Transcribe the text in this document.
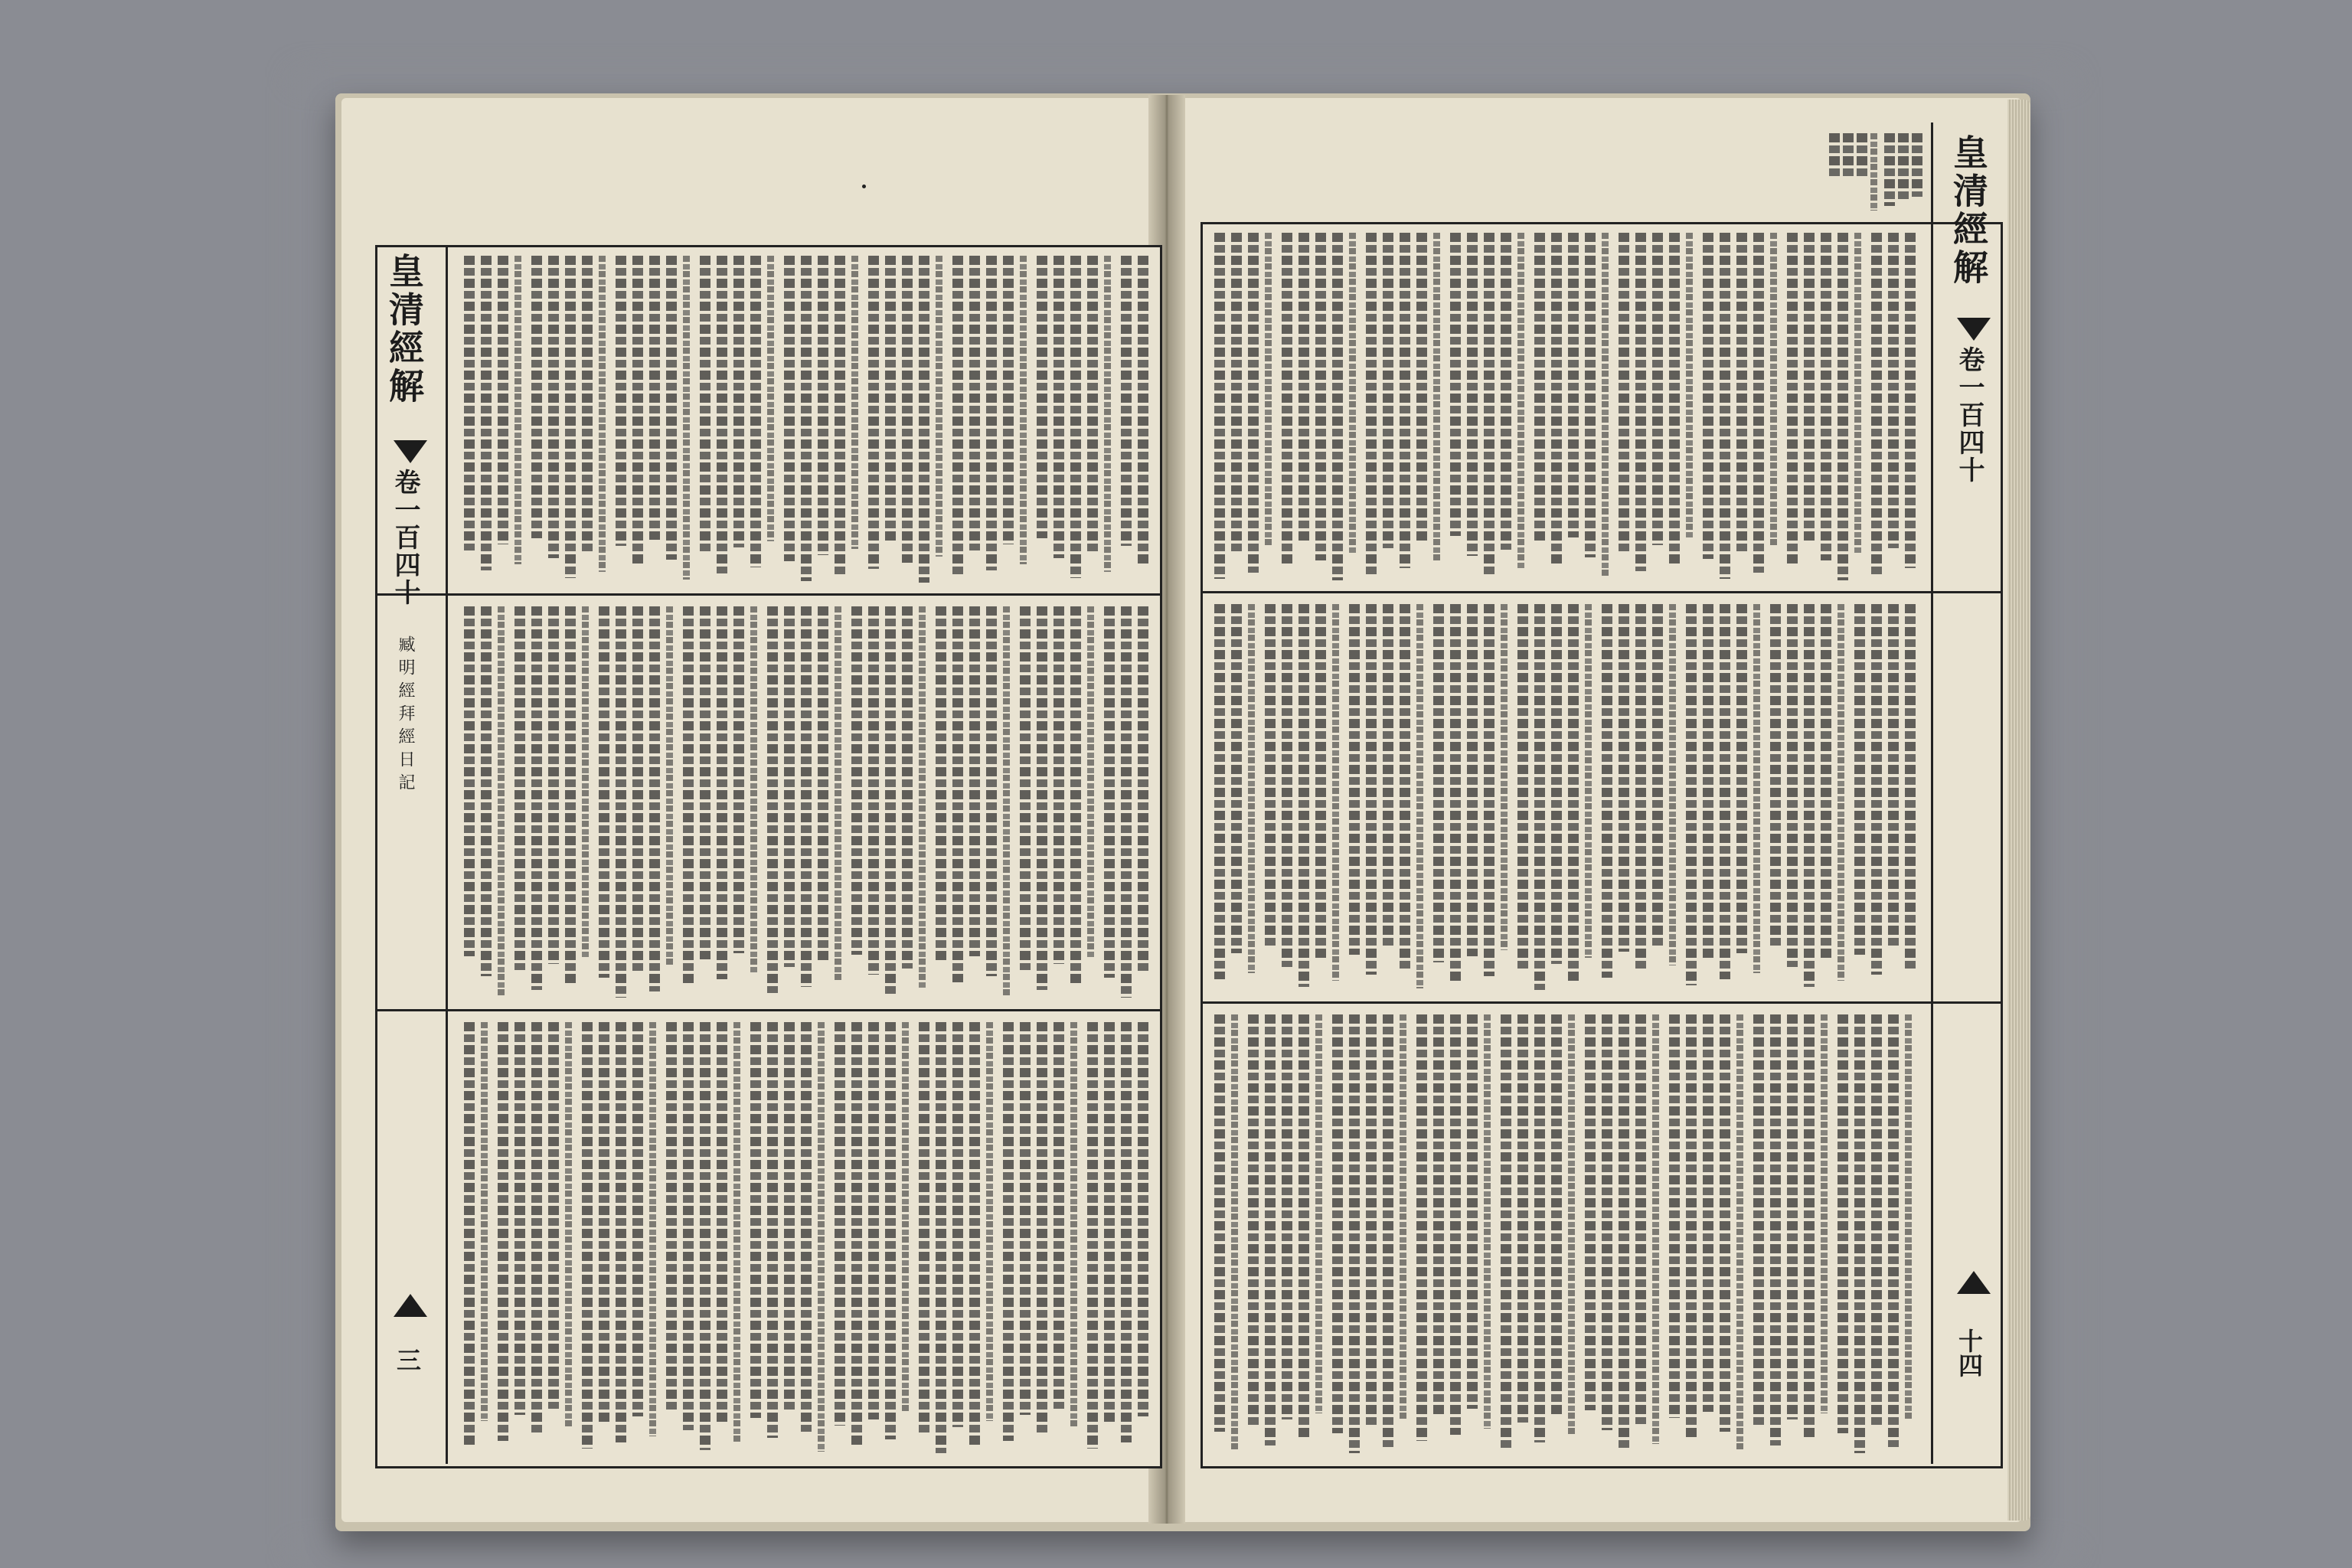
皇清經解
卷一百四十
臧明經拜經日記
三
皇清經解
卷一百四十
十四
